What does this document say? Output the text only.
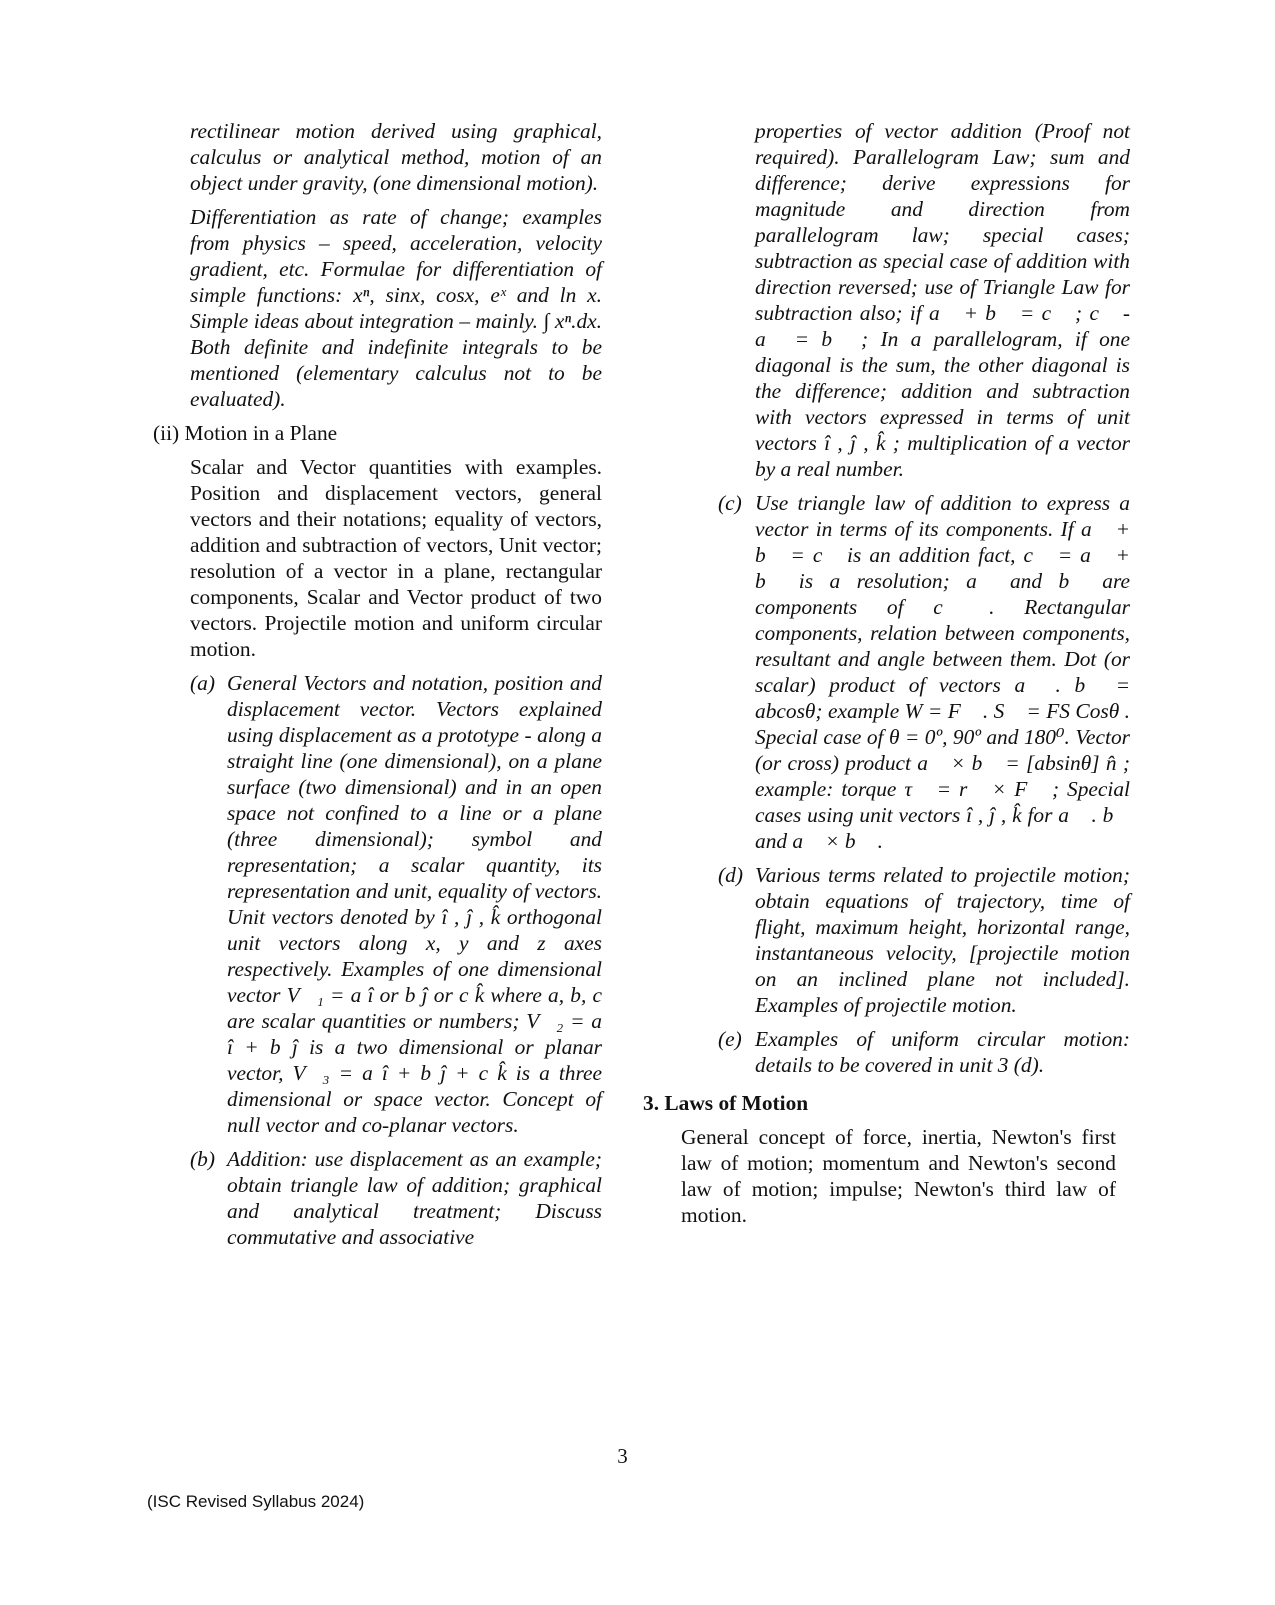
rectilinear motion derived using graphical, calculus or analytical method, motion of an object under gravity, (one dimensional motion).

Differentiation as rate of change; examples from physics – speed, acceleration, velocity gradient, etc. Formulae for differentiation of simple functions: xⁿ, sinx, cosx, eˣ and ln x. Simple ideas about integration – mainly. ∫ xⁿ.dx. Both definite and indefinite integrals to be mentioned (elementary calculus not to be evaluated).

(ii) Motion in a Plane

Scalar and Vector quantities with examples. Position and displacement vectors, general vectors and their notations; equality of vectors, addition and subtraction of vectors, Unit vector; resolution of a vector in a plane, rectangular components, Scalar and Vector product of two vectors. Projectile motion and uniform circular motion.

(a) General Vectors and notation, position and displacement vector. Vectors explained using displacement as a prototype - along a straight line (one dimensional), on a plane surface (two dimensional) and in an open space not confined to a line or a plane (three dimensional); symbol and representation; a scalar quantity, its representation and unit, equality of vectors. Unit vectors denoted by î , ĵ , k̂ orthogonal unit vectors along x, y and z axes respectively. Examples of one dimensional vector V⃗₁ = a î or b ĵ or c k̂ where a, b, c are scalar quantities or numbers; V⃗₂ = a î + b ĵ is a two dimensional or planar vector, V⃗₃ = a î + b ĵ + c k̂ is a three dimensional or space vector. Concept of null vector and co-planar vectors.

(b) Addition: use displacement as an example; obtain triangle law of addition; graphical and analytical treatment; Discuss commutative and associative

properties of vector addition (Proof not required). Parallelogram Law; sum and difference; derive expressions for magnitude and direction from parallelogram law; special cases; subtraction as special case of addition with direction reversed; use of Triangle Law for subtraction also; if a⃗ + b⃗ = c⃗ ; c⃗ - a⃗ = b⃗ ; In a parallelogram, if one diagonal is the sum, the other diagonal is the difference; addition and subtraction with vectors expressed in terms of unit vectors î , ĵ , k̂ ; multiplication of a vector by a real number.

(c) Use triangle law of addition to express a vector in terms of its components. If a⃗ + b⃗ = c⃗ is an addition fact, c⃗ = a⃗ + b⃗ is a resolution; a⃗ and b⃗ are components of c⃗ . Rectangular components, relation between components, resultant and angle between them. Dot (or scalar) product of vectors a⃗ . b⃗ = abcosθ; example W = F⃗ . S⃗ = FS Cosθ . Special case of θ = 0º, 90º and 180⁰. Vector (or cross) product a⃗ × b⃗ = [absinθ] n̂ ; example: torque τ⃗ = r⃗ × F⃗ ; Special cases using unit vectors î , ĵ , k̂ for a⃗ . b⃗ and a⃗ × b⃗ .

(d) Various terms related to projectile motion; obtain equations of trajectory, time of flight, maximum height, horizontal range, instantaneous velocity, [projectile motion on an inclined plane not included]. Examples of projectile motion.

(e) Examples of uniform circular motion: details to be covered in unit 3 (d).

3. Laws of Motion

General concept of force, inertia, Newton's first law of motion; momentum and Newton's second law of motion; impulse; Newton's third law of motion.

3
(ISC Revised Syllabus 2024)
